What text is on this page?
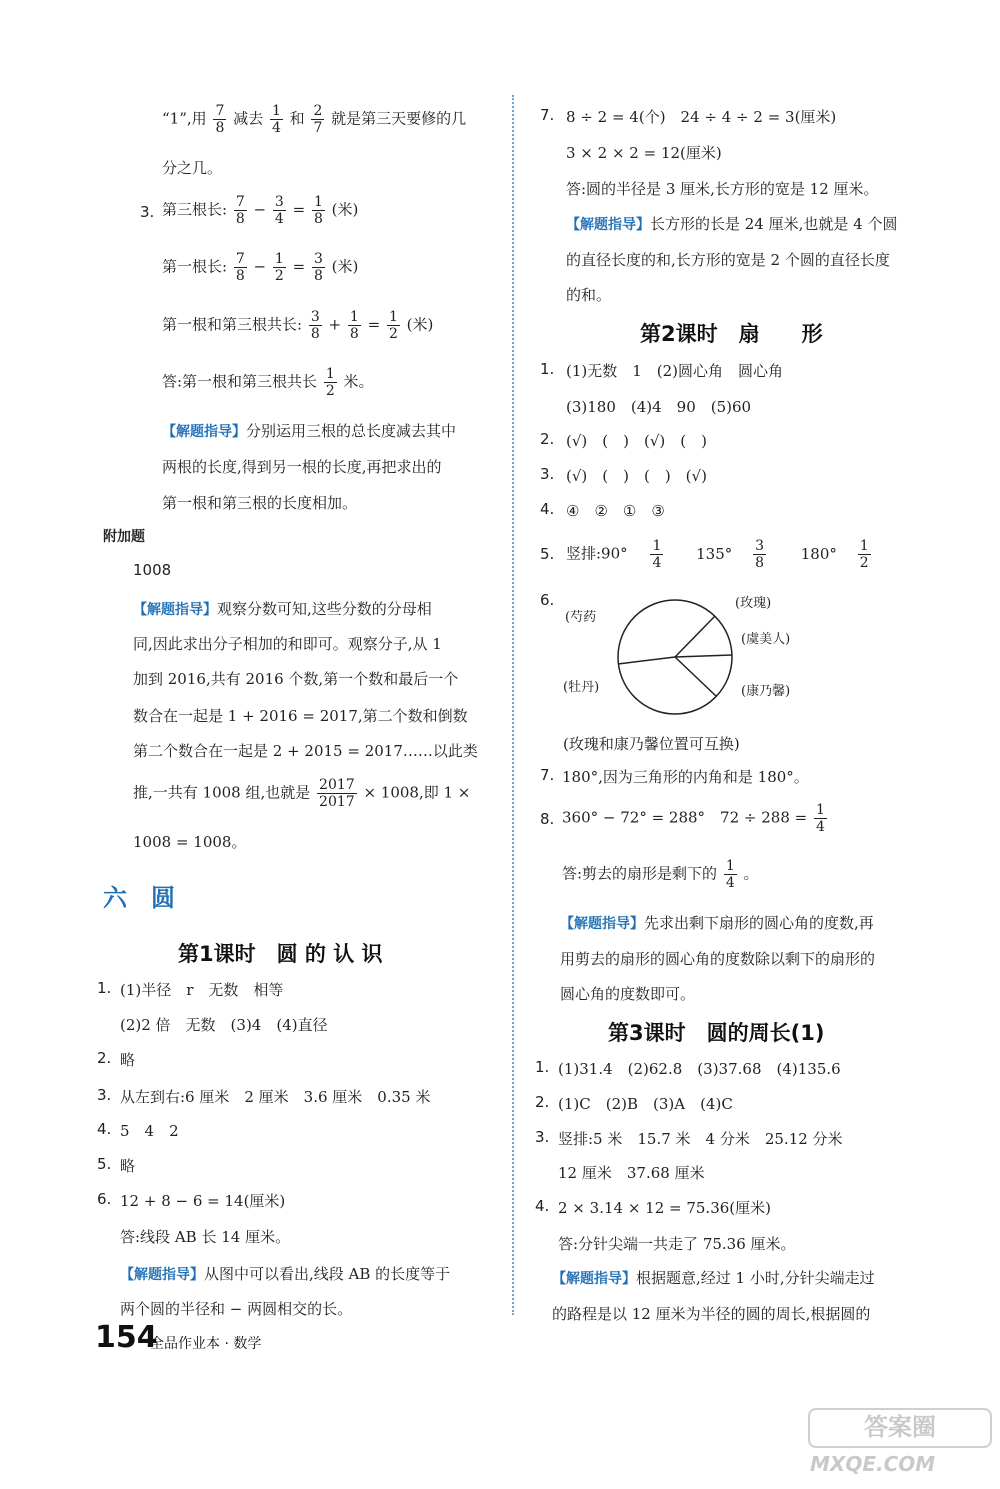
“1”,用 $\frac{7}{8}$ 减去 $\frac{1}{4}$ 和 $\frac{2}{7}$ 就是第三天要修的几
分之几。
3. 第三根长: $\frac{7}{8} - \frac{3}{4} = \frac{1}{8}$ (米)
第一根长: $\frac{7}{8} - \frac{1}{2} = \frac{3}{8}$ (米)
第一根和第三根共长: $\frac{3}{8} + \frac{1}{8} = \frac{1}{2}$ (米)
答:第一根和第三根共长 $\frac{1}{2}$ 米。
【解题指导】分别运用三根的总长度减去其中
两根的长度,得到另一根的长度,再把求出的
第一根和第三根的长度相加。
附加题
1008
【解题指导】观察分数可知,这些分数的分母相
同,因此求出分子相加的和即可。观察分子,从 1
加到 2016,共有 2016 个数,第一个数和最后一个
数合在一起是 1 + 2016 = 2017,第二个数和倒数
第二个数合在一起是 2 + 2015 = 2017……以此类
推,一共有 1008 组,也就是 $\frac{2017}{2017} \times 1008$,即 1 ×
1008 = 1008。
六　圆
第1课时　圆 的 认 识
1. (1)半径　r　无数　相等
(2)2 倍　无数　(3)4　(4)直径
2. 略
3. 从左到右:6 厘米　2 厘米　3.6 厘米　0.35 米
4. 5　4　2
5. 略
6. 12 + 8 − 6 = 14(厘米)
答:线段 AB 长 14 厘米。
【解题指导】从图中可以看出,线段 AB 的长度等于
两个圆的半径和 − 两圆相交的长。
7. 8 ÷ 2 = 4(个)　24 ÷ 4 ÷ 2 = 3(厘米)
3 × 2 × 2 = 12(厘米)
答:圆的半径是 3 厘米,长方形的宽是 12 厘米。
【解题指导】长方形的长是 24 厘米,也就是 4 个圆
的直径长度的和,长方形的宽是 2 个圆的直径长度
的和。
第2课时　扇　　形
1. (1)无数　1　(2)圆心角　圆心角
(3)180　(4)4　90　(5)60
2. (√)　(　)　(√)　(　)
3. (√)　(　)　(　)　(√)
4. ④　②　①　③
5. 竖排:90° $\frac{1}{4} 135^\circ \frac{3}{8} 180^\circ \frac{1}{2}$
6.
(芍药
(玫瑰)
(虞美人)
(牡丹)	(康乃馨)
(玫瑰和康乃馨位置可互换)
7. 180°,因为三角形的内角和是 180°。
8. 360° − 72° = 288°　$72 \div 288 = \frac{1}{4}$
答:剪去的扇形是剩下的 $\frac{1}{4}$ 。
【解题指导】先求出剩下扇形的圆心角的度数,再
用剪去的扇形的圆心角的度数除以剩下的扇形的
圆心角的度数即可。
第3课时　圆的周长(1)
1. (1)31.4　(2)62.8　(3)37.68　(4)135.6
2. (1)C　(2)B　(3)A　(4)C
3. 竖排:5 米　15.7 米　4 分米　25.12 分米
12 厘米　37.68 厘米
4. 2 × 3.14 × 12 = 75.36(厘米)
答:分针尖端一共走了 75.36 厘米。
【解题指导】根据题意,经过 1 小时,分针尖端走过
的路程是以 12 厘米为半径的圆的周长,根据圆的
154
全品作业本 · 数学
答案圈
MXQE.COM
